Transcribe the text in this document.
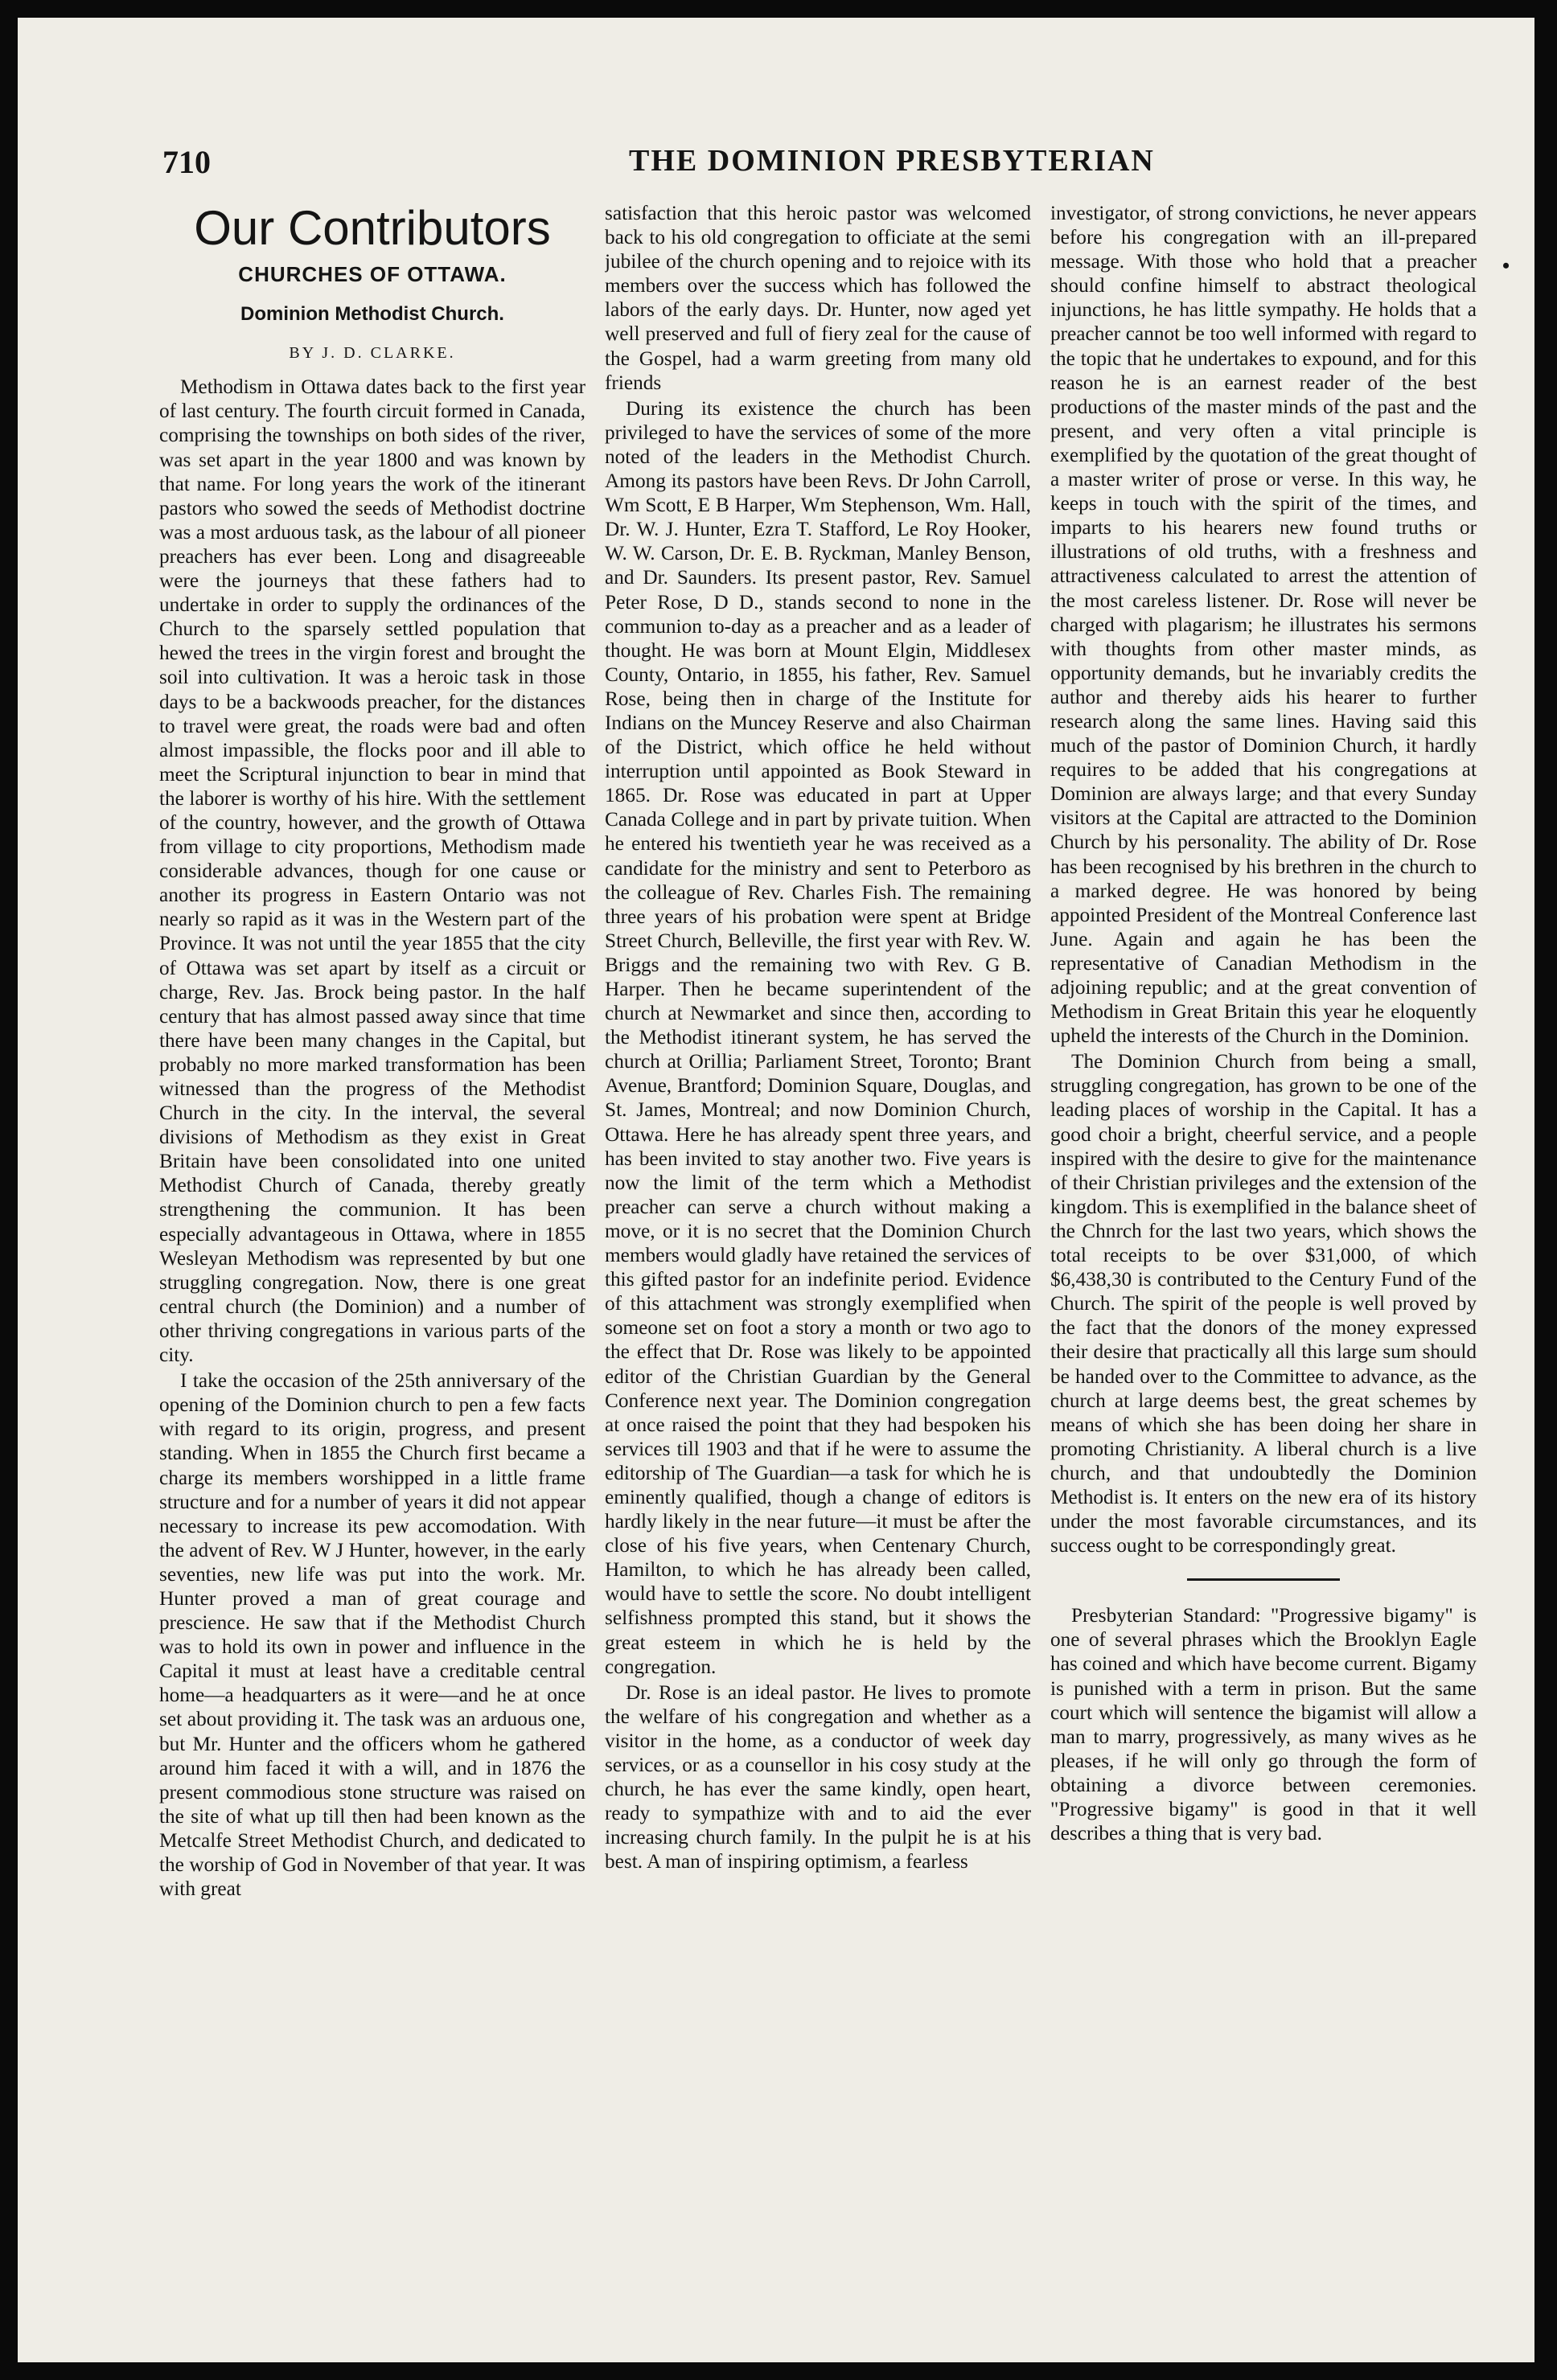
710	THE DOMINION PRESBYTERIAN
Our Contributors
CHURCHES OF OTTAWA.
Dominion Methodist Church.
BY J. D. CLARKE.

Methodism in Ottawa dates back to the first year of last century. The fourth circuit formed in Canada, comprising the townships on both sides of the river, was set apart in the year 1800 and was known by that name. For long years the work of the itinerant pastors who sowed the seeds of Methodist doctrine was a most arduous task, as the labour of all pioneer preachers has ever been. Long and disagreeable were the journeys that these fathers had to undertake in order to supply the ordinances of the Church to the sparsely settled population that hewed the trees in the virgin forest and brought the soil into cultivation. It was a heroic task in those days to be a backwoods preacher, for the distances to travel were great, the roads were bad and often almost impassible, the flocks poor and ill able to meet the Scriptural injunction to bear in mind that the laborer is worthy of his hire. With the settlement of the country, however, and the growth of Ottawa from village to city proportions, Methodism made considerable advances, though for one cause or another its progress in Eastern Ontario was not nearly so rapid as it was in the Western part of the Province. It was not until the year 1855 that the city of Ottawa was set apart by itself as a circuit or charge, Rev. Jas. Brock being pastor. In the half century that has almost passed away since that time there have been many changes in the Capital, but probably no more marked transformation has been witnessed than the progress of the Methodist Church in the city. In the interval, the several divisions of Methodism as they exist in Great Britain have been consolidated into one united Methodist Church of Canada, thereby greatly strengthening the communion. It has been especially advantageous in Ottawa, where in 1855 Wesleyan Methodism was represented by but one struggling congregation. Now, there is one great central church (the Dominion) and a number of other thriving congregations in various parts of the city.

I take the occasion of the 25th anniversary of the opening of the Dominion church to pen a few facts with regard to its origin, progress, and present standing. When in 1855 the Church first became a charge its members worshipped in a little frame structure and for a number of years it did not appear necessary to increase its pew accomodation. With the advent of Rev. W J Hunter, however, in the early seventies, new life was put into the work. Mr. Hunter proved a man of great courage and prescience. He saw that if the Methodist Church was to hold its own in power and influence in the Capital it must at least have a creditable central home—a headquarters as it were—and he at once set about providing it. The task was an arduous one, but Mr. Hunter and the officers whom he gathered around him faced it with a will, and in 1876 the present commodious stone structure was raised on the site of what up till then had been known as the Metcalfe Street Methodist Church, and dedicated to the worship of God in November of that year. It was with great

satisfaction that this heroic pastor was welcomed back to his old congregation to officiate at the semi jubilee of the church opening and to rejoice with its members over the success which has followed the labors of the early days. Dr. Hunter, now aged yet well preserved and full of fiery zeal for the cause of the Gospel, had a warm greeting from many old friends

During its existence the church has been privileged to have the services of some of the more noted of the leaders in the Methodist Church. Among its pastors have been Revs. Dr John Carroll, Wm Scott, E B Harper, Wm Stephenson, Wm. Hall, Dr. W. J. Hunter, Ezra T. Stafford, Le Roy Hooker, W. W. Carson, Dr. E. B. Ryckman, Manley Benson, and Dr. Saunders. Its present pastor, Rev. Samuel Peter Rose, D D., stands second to none in the communion to-day as a preacher and as a leader of thought. He was born at Mount Elgin, Middlesex County, Ontario, in 1855, his father, Rev. Samuel Rose, being then in charge of the Institute for Indians on the Muncey Reserve and also Chairman of the District, which office he held without interruption until appointed as Book Steward in 1865. Dr. Rose was educated in part at Upper Canada College and in part by private tuition. When he entered his twentieth year he was received as a candidate for the ministry and sent to Peterboro as the colleague of Rev. Charles Fish. The remaining three years of his probation were spent at Bridge Street Church, Belleville, the first year with Rev. W. Briggs and the remaining two with Rev. G B. Harper. Then he became superintendent of the church at Newmarket and since then, according to the Methodist itinerant system, he has served the church at Orillia; Parliament Street, Toronto; Brant Avenue, Brantford; Dominion Square, Douglas, and St. James, Montreal; and now Dominion Church, Ottawa. Here he has already spent three years, and has been invited to stay another two. Five years is now the limit of the term which a Methodist preacher can serve a church without making a move, or it is no secret that the Dominion Church members would gladly have retained the services of this gifted pastor for an indefinite period. Evidence of this attachment was strongly exemplified when someone set on foot a story a month or two ago to the effect that Dr. Rose was likely to be appointed editor of the Christian Guardian by the General Conference next year. The Dominion congregation at once raised the point that they had bespoken his services till 1903 and that if he were to assume the editorship of The Guardian—a task for which he is eminently qualified, though a change of editors is hardly likely in the near future—it must be after the close of his five years, when Centenary Church, Hamilton, to which he has already been called, would have to settle the score. No doubt intelligent selfishness prompted this stand, but it shows the great esteem in which he is held by the congregation.

Dr. Rose is an ideal pastor. He lives to promote the welfare of his congregation and whether as a visitor in the home, as a conductor of week day services, or as a counsellor in his cosy study at the church, he has ever the same kindly, open heart, ready to sympathize with and to aid the ever increasing church family. In the pulpit he is at his best. A man of inspiring optimism, a fearless

investigator, of strong convictions, he never appears before his congregation with an ill-prepared message. With those who hold that a preacher should confine himself to abstract theological injunctions, he has little sympathy. He holds that a preacher cannot be too well informed with regard to the topic that he undertakes to expound, and for this reason he is an earnest reader of the best productions of the master minds of the past and the present, and very often a vital principle is exemplified by the quotation of the great thought of a master writer of prose or verse. In this way, he keeps in touch with the spirit of the times, and imparts to his hearers new found truths or illustrations of old truths, with a freshness and attractiveness calculated to arrest the attention of the most careless listener. Dr. Rose will never be charged with plagarism; he illustrates his sermons with thoughts from other master minds, as opportunity demands, but he invariably credits the author and thereby aids his hearer to further research along the same lines. Having said this much of the pastor of Dominion Church, it hardly requires to be added that his congregations at Dominion are always large; and that every Sunday visitors at the Capital are attracted to the Dominion Church by his personality. The ability of Dr. Rose has been recognised by his brethren in the church to a marked degree. He was honored by being appointed President of the Montreal Conference last June. Again and again he has been the representative of Canadian Methodism in the adjoining republic; and at the great convention of Methodism in Great Britain this year he eloquently upheld the interests of the Church in the Dominion.

The Dominion Church from being a small, struggling congregation, has grown to be one of the leading places of worship in the Capital. It has a good choir a bright, cheerful service, and a people inspired with the desire to give for the maintenance of their Christian privileges and the extension of the kingdom. This is exemplified in the balance sheet of the Chnrch for the last two years, which shows the total receipts to be over $31,000, of which $6,438,30 is contributed to the Century Fund of the Church. The spirit of the people is well proved by the fact that the donors of the money expressed their desire that practically all this large sum should be handed over to the Committee to advance, as the church at large deems best, the great schemes by means of which she has been doing her share in promoting Christianity. A liberal church is a live church, and that undoubtedly the Dominion Methodist is. It enters on the new era of its history under the most favorable circumstances, and its success ought to be correspondingly great.

Presbyterian Standard: "Progressive bigamy" is one of several phrases which the Brooklyn Eagle has coined and which have become current. Bigamy is punished with a term in prison. But the same court which will sentence the bigamist will allow a man to marry, progressively, as many wives as he pleases, if he will only go through the form of obtaining a divorce between ceremonies. "Progressive bigamy" is good in that it well describes a thing that is very bad.

•
